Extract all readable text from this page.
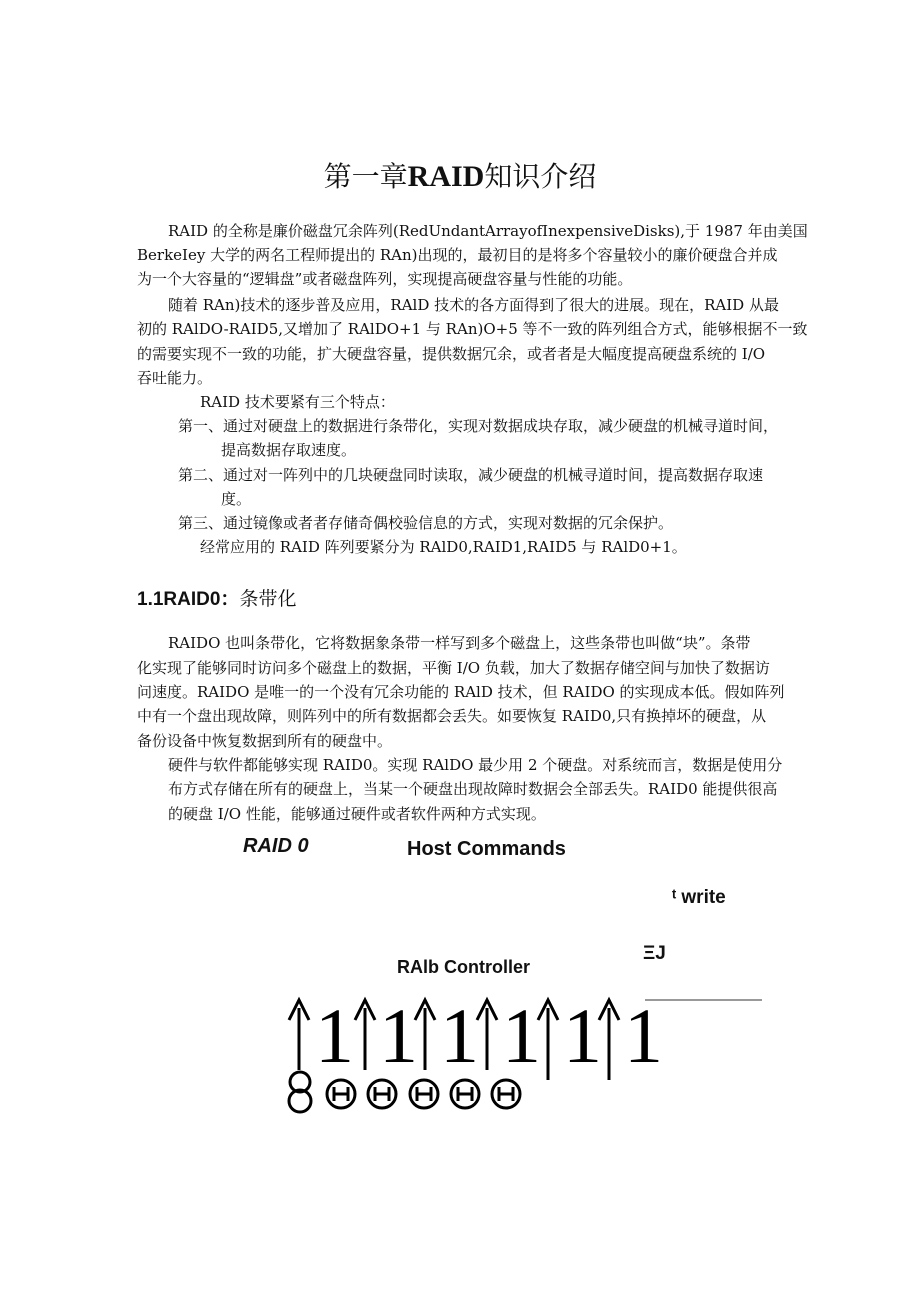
第一章RAID知识介绍
RAID 的全称是廉价磁盘冗余阵列(RedUndantArrayofInexpensiveDisks),于 1987 年由美国
BerkeIey 大学的两名工程师提出的 RAn)出现的，最初目的是将多个容量较小的廉价硬盘合并成
为一个大容量的“逻辑盘”或者磁盘阵列，实现提高硬盘容量与性能的功能。
随着 RAn)技术的逐步普及应用，RAlD 技术的各方面得到了很大的进展。现在，RAID 从最
初的 RAlDO-RAID5,又增加了 RAlDO+1 与 RAn)O+5 等不一致的阵列组合方式，能够根据不一致
的需要实现不一致的功能，扩大硬盘容量，提供数据冗余，或者者是大幅度提高硬盘系统的 I/O
吞吐能力。
RAID 技术要紧有三个特点：
第一、通过对硬盘上的数据进行条带化，实现对数据成块存取，减少硬盘的机械寻道时间，
提高数据存取速度。
第二、通过对一阵列中的几块硬盘同时读取，减少硬盘的机械寻道时间，提高数据存取速
度。
第三、通过镜像或者者存储奇偶校验信息的方式，实现对数据的冗余保护。
经常应用的 RAID 阵列要紧分为 RAlD0,RAID1,RAID5 与 RAlD0+1。
1.1RAID0：条带化
RAIDO 也叫条带化，它将数据象条带一样写到多个磁盘上，这些条带也叫做“块”。条带
化实现了能够同时访问多个磁盘上的数据，平衡 I/O 负载，加大了数据存储空间与加快了数据访
问速度。RAIDO 是唯一的一个没有冗余功能的 RAlD 技术，但 RAIDO 的实现成本低。假如阵列
中有一个盘出现故障，则阵列中的所有数据都会丢失。如要恢复 RAID0,只有换掉坏的硬盘，从
备份设备中恢复数据到所有的硬盘中。
硬件与软件都能够实现 RAID0。实现 RAlDO 最少用 2 个硬盘。对系统而言，数据是使用分
布方式存储在所有的硬盘上，当某一个硬盘出现故障时数据会全部丢失。RAID0 能提供很高
的硬盘 I/O 性能，能够通过硬件或者软件两种方式实现。
RAID 0	Host Commands
ᵗ write
ΞJ
RAlb Controller
1 1 1 1 1 1
